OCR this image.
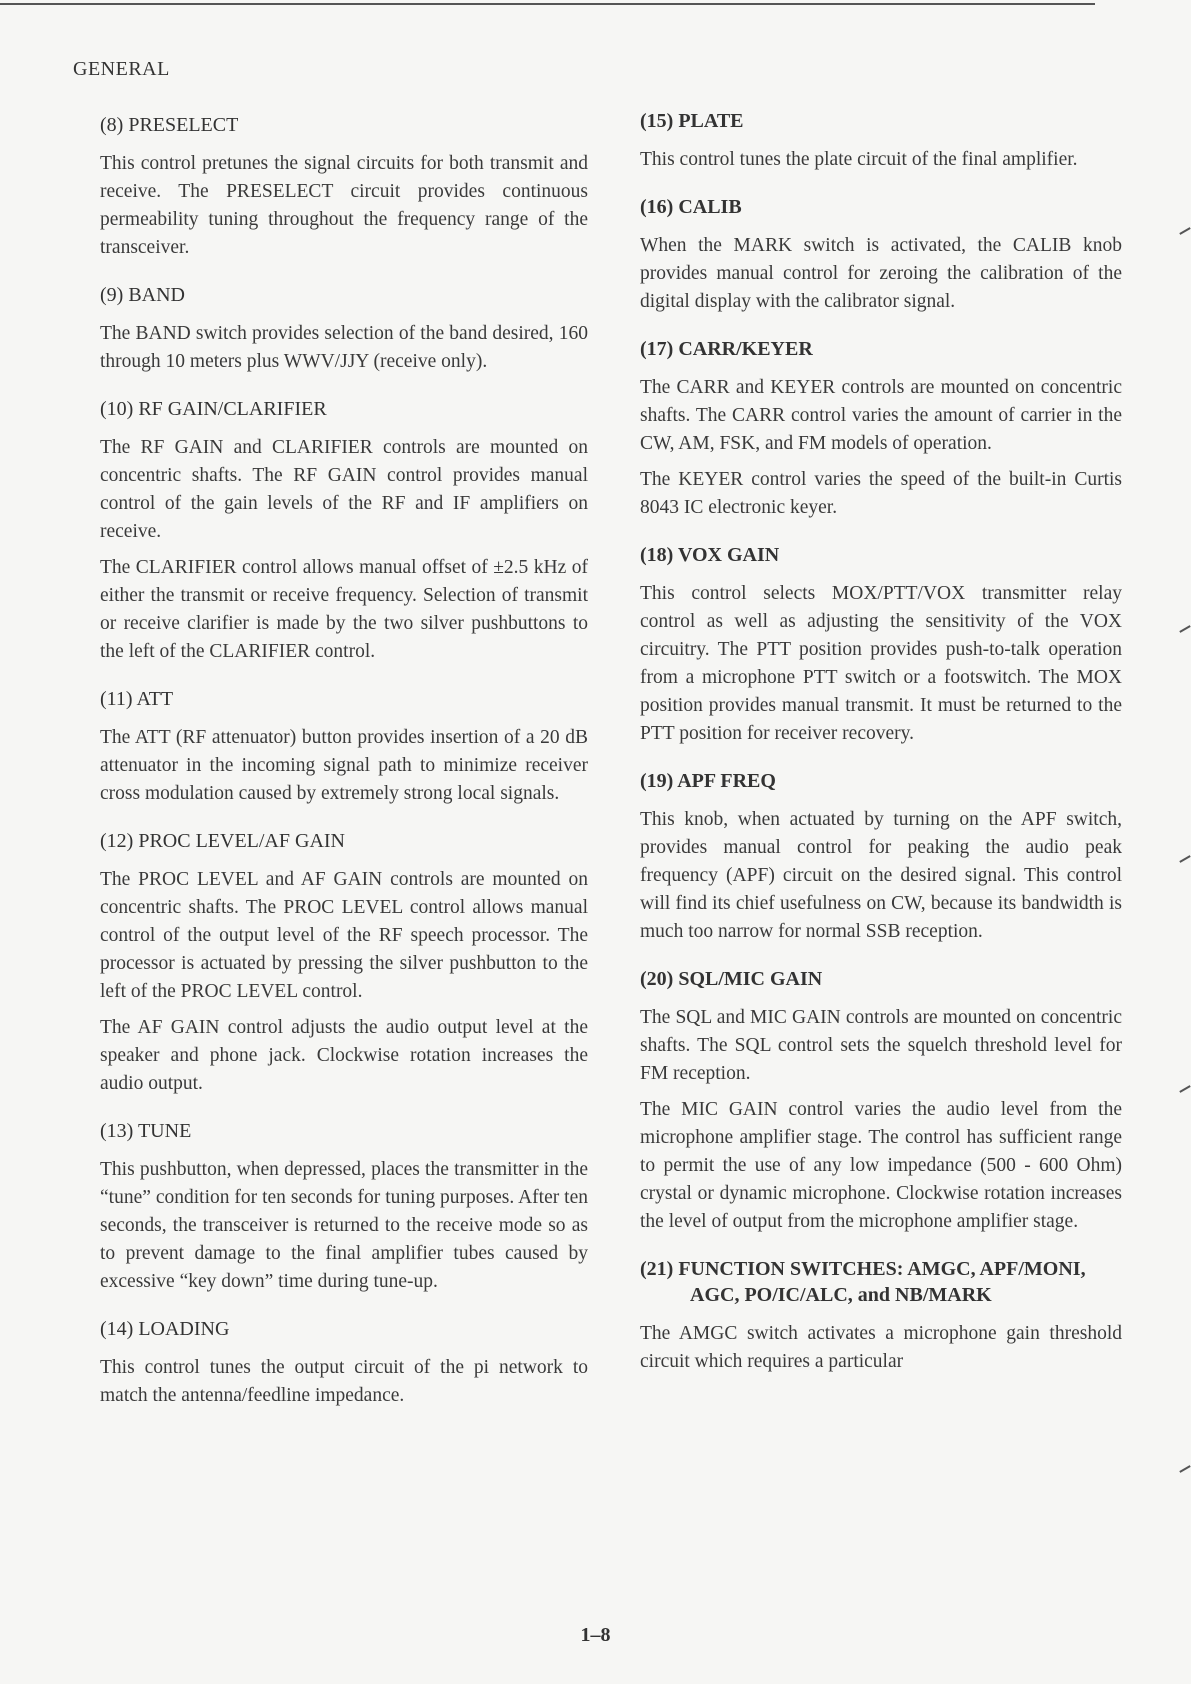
GENERAL
(8) PRESELECT

This control pretunes the signal circuits for both transmit and receive. The PRESELECT circuit provides continuous permeability tuning throughout the frequency range of the transceiver.

(9) BAND

The BAND switch provides selection of the band desired, 160 through 10 meters plus WWV/JJY (receive only).

(10) RF GAIN/CLARIFIER

The RF GAIN and CLARIFIER controls are mounted on concentric shafts. The RF GAIN control provides manual control of the gain levels of the RF and IF amplifiers on receive.

The CLARIFIER control allows manual offset of ±2.5 kHz of either the transmit or receive frequency. Selection of transmit or receive clarifier is made by the two silver pushbuttons to the left of the CLARIFIER control.

(11) ATT

The ATT (RF attenuator) button provides insertion of a 20 dB attenuator in the incoming signal path to minimize receiver cross modulation caused by extremely strong local signals.

(12) PROC LEVEL/AF GAIN

The PROC LEVEL and AF GAIN controls are mounted on concentric shafts. The PROC LEVEL control allows manual control of the output level of the RF speech processor. The processor is actuated by pressing the silver pushbutton to the left of the PROC LEVEL control.

The AF GAIN control adjusts the audio output level at the speaker and phone jack. Clockwise rotation increases the audio output.

(13) TUNE

This pushbutton, when depressed, places the transmitter in the “tune” condition for ten seconds for tuning purposes. After ten seconds, the transceiver is returned to the receive mode so as to prevent damage to the final amplifier tubes caused by excessive “key down” time during tune-up.

(14) LOADING

This control tunes the output circuit of the pi network to match the antenna/feedline impedance.

(15) PLATE

This control tunes the plate circuit of the final amplifier.

(16) CALIB

When the MARK switch is activated, the CALIB knob provides manual control for zeroing the calibration of the digital display with the calibrator signal.

(17) CARR/KEYER

The CARR and KEYER controls are mounted on concentric shafts. The CARR control varies the amount of carrier in the CW, AM, FSK, and FM models of operation.

The KEYER control varies the speed of the built-in Curtis 8043 IC electronic keyer.

(18) VOX GAIN

This control selects MOX/PTT/VOX transmitter relay control as well as adjusting the sensitivity of the VOX circuitry. The PTT position provides push-to-talk operation from a microphone PTT switch or a footswitch. The MOX position provides manual transmit. It must be returned to the PTT position for receiver recovery.

(19) APF FREQ

This knob, when actuated by turning on the APF switch, provides manual control for peaking the audio peak frequency (APF) circuit on the desired signal. This control will find its chief usefulness on CW, because its bandwidth is much too narrow for normal SSB reception.

(20) SQL/MIC GAIN

The SQL and MIC GAIN controls are mounted on concentric shafts. The SQL control sets the squelch threshold level for FM reception.

The MIC GAIN control varies the audio level from the microphone amplifier stage. The control has sufficient range to permit the use of any low impedance (500 - 600 Ohm) crystal or dynamic microphone. Clockwise rotation increases the level of output from the microphone amplifier stage.

(21) FUNCTION SWITCHES: AMGC, APF/MONI,
AGC, PO/IC/ALC, and NB/MARK

The AMGC switch activates a microphone gain threshold circuit which requires a particular

1–8
